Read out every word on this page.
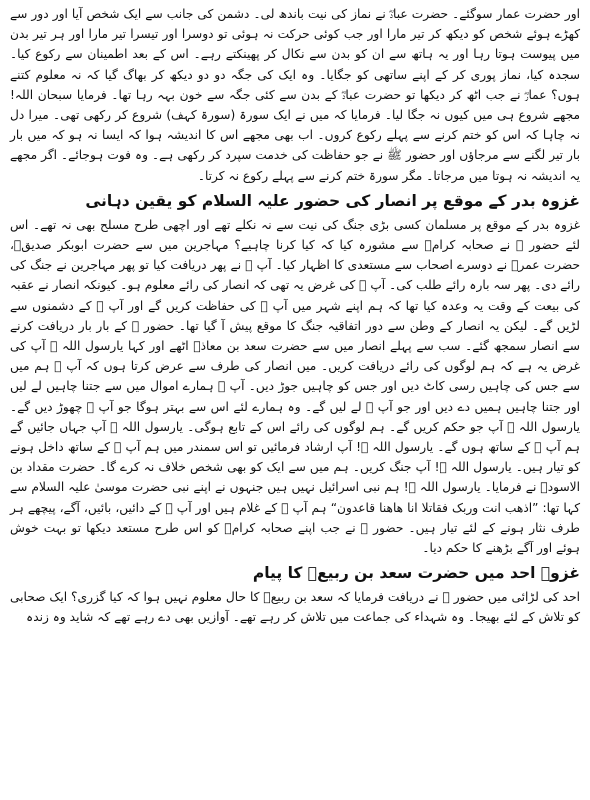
اور حضرت عمار سوگئے۔ حضرت عبادؓ نے نماز کی نیت باندھ لی۔ دشمن کی جانب سے ایک شخص آیا اور دور سے کھڑے ہوئے شخص کو دیکھ کر تیر مارا اور جب کوئی حرکت نہ ہوئی تو دوسرا اور تیسرا تیر مارا اور ہر تیر بدن میں پیوست ہوتا رہا اور یہ ہاتھ سے ان کو بدن سے نکال کر پھینکتے رہے۔ اس کے بعد اطمینان سے رکوع کیا۔ سجدہ کیا، نماز پوری کر کے اپنے ساتھی کو جگایا۔ وہ ایک کی جگہ دو دو دیکھ کر بھاگ گیا کہ نہ معلوم کتنے ہوں؟ عمارؓ نے جب اٹھ کر دیکھا تو حضرت عبادؓ کے بدن سے کئی جگہ سے خون بہہ رہا تھا۔ فرمایا سبحان اللہ! مجھے شروع ہی میں کیوں نہ جگا لیا۔ فرمایا کہ میں نے ایک سورۃ (سورۃ کہف) شروع کر رکھی تھی۔ میرا دل نہ چاہا کہ اس کو ختم کرنے سے پہلے رکوع کروں۔ اب بھی مجھے اس کا اندیشہ ہوا کہ ایسا نہ ہو کہ میں بار بار تیر لگنے سے مرجاؤں اور حضور ﷺ نے جو حفاظت کی خدمت سپرد کر رکھی ہے۔ وہ فوت ہوجائے۔ اگر مجھے یہ اندیشہ نہ ہوتا میں مرجاتا۔ مگر سورۃ ختم کرنے سے پہلے رکوع نہ کرتا۔

غزوہ بدر کے موقع پر انصار کی حضور علیہ السلام کو یقین دہانی

غزوہ بدر کے موقع پر مسلمان کسی بڑی جنگ کی نیت سے نہ نکلے تھے اور اچھی طرح مسلح بھی نہ تھے۔ اس لئے حضور ﷺ نے صحابہ کرامؓ سے مشورہ کیا کہ کیا کرنا چاہیے؟ مہاجرین میں سے حضرت ابوبکر صدیقؓ، حضرت عمرؓ نے دوسرے اصحاب سے مستعدی کا اظہار کیا۔ آپ ﷺ نے پھر دریافت کیا تو پھر مہاجرین نے جنگ کی رائے دی۔ پھر سہ بارہ رائے طلب کی۔ آپ ﷺ کی غرض یہ تھی کہ انصار کی رائے معلوم ہو۔ کیونکہ انصار نے عقبہ کی بیعت کے وقت یہ وعدہ کیا تھا کہ ہم اپنے شہر میں آپ ﷺ کی حفاظت کریں گے اور آپ ﷺ کے دشمنوں سے لڑیں گے۔ لیکن یہ انصار کے وطن سے دور اتفاقیہ جنگ کا موقع پیش آ گیا تھا۔ حضور ﷺ کے بار بار دریافت کرنے سے انصار سمجھ گئے۔ سب سے پہلے انصار میں سے حضرت سعد بن معاذؓ اٹھے اور کہا یارسول اللہ ﷺ آپ کی غرض یہ ہے کہ ہم لوگوں کی رائے دریافت کریں۔ میں انصار کی طرف سے عرض کرتا ہوں کہ آپ ﷺ ہم میں سے جس کی چاہیں رسی کاٹ دیں اور جس کو چاہیں جوڑ دیں۔ آپ ﷺ ہمارے اموال میں سے جتنا چاہیں لے لیں اور جتنا چاہیں ہمیں دے دیں اور جو آپ ﷺ لے لیں گے۔ وہ ہمارے لئے اس سے بہتر ہوگا جو آپ ﷺ چھوڑ دیں گے۔ یارسول اللہ ﷺ آپ جو حکم کریں گے۔ ہم لوگوں کی رائے اس کے تابع ہوگی۔ یارسول اللہ ﷺ آپ جہاں جائیں گے ہم آپ ﷺ کے ساتھ ہوں گے۔ یارسول اللہ ﷺ! آپ ارشاد فرمائیں تو اس سمندر میں ہم آپ ﷺ کے ساتھ داخل ہونے کو تیار ہیں۔ یارسول اللہ ﷺ! آپ جنگ کریں۔ ہم میں سے ایک کو بھی شخص خلاف نہ کرے گا۔ حضرت مقداد بن الاسودؓ نے فرمایا۔ یارسول اللہ ﷺ! ہم نبی اسرائیل نہیں ہیں جنہوں نے اپنے نبی حضرت موسیٰ علیہ السلام سے کہا تھا: ”اذھب انت وربک فقاتلا انا ھاھنا قاعدون“ ہم آپ ﷺ کے غلام ہیں اور آپ ﷺ کے دائیں، بائیں، آگے، پیچھے ہر طرف نثار ہونے کے لئے تیار ہیں۔ حضور ﷺ نے جب اپنے صحابہ کرامؓ کو اس طرح مستعد دیکھا تو بہت خوش ہوئے اور آگے بڑھنے کا حکم دیا۔

غزوہ احد میں حضرت سعد بن ربیعؓ کا پیام

احد کی لڑائی میں حضور ﷺ نے دریافت فرمایا کہ سعد بن ربیعؓ کا حال معلوم نہیں ہوا کہ کیا گزری؟ ایک صحابی کو تلاش کے لئے بھیجا۔ وہ شہداء کی جماعت میں تلاش کر رہے تھے۔ آوازیں بھی دے رہے تھے کہ شاید وہ زندہ
